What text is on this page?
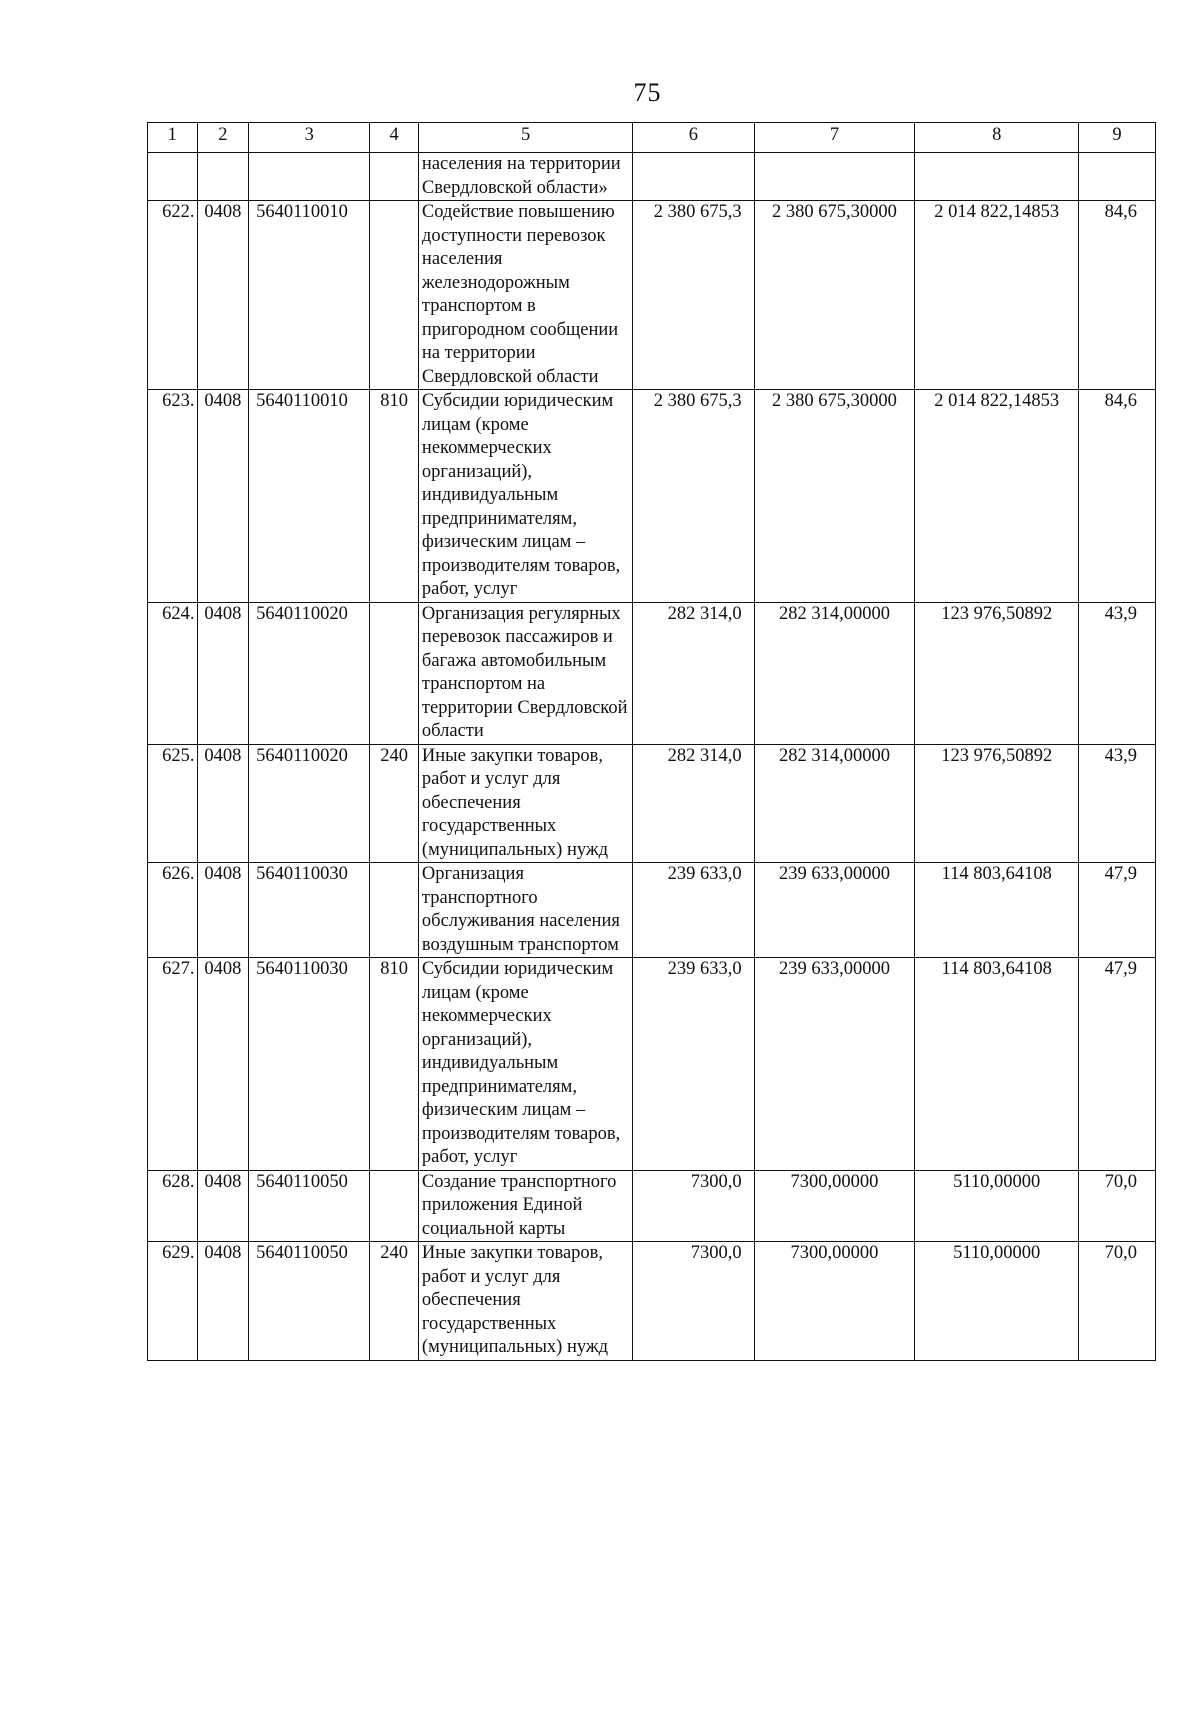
75
1	2	3	4	5	6	7	8	9
				населения на территории Свердловской области»				
622.	0408	5640110010		Содействие повышению доступности перевозок населения железнодорожным транспортом в пригородном сообщении на территории Свердловской области	2 380 675,3	2 380 675,30000	2 014 822,14853	84,6
623.	0408	5640110010	810	Субсидии юридическим лицам (кроме некоммерческих организаций), индивидуальным предпринимателям, физическим лицам – производителям товаров, работ, услуг	2 380 675,3	2 380 675,30000	2 014 822,14853	84,6
624.	0408	5640110020		Организация регулярных перевозок пассажиров и багажа автомобильным транспортом на территории Свердловской области	282 314,0	282 314,00000	123 976,50892	43,9
625.	0408	5640110020	240	Иные закупки товаров, работ и услуг для обеспечения государственных (муниципальных) нужд	282 314,0	282 314,00000	123 976,50892	43,9
626.	0408	5640110030		Организация транспортного обслуживания населения воздушным транспортом	239 633,0	239 633,00000	114 803,64108	47,9
627.	0408	5640110030	810	Субсидии юридическим лицам (кроме некоммерческих организаций), индивидуальным предпринимателям, физическим лицам – производителям товаров, работ, услуг	239 633,0	239 633,00000	114 803,64108	47,9
628.	0408	5640110050		Создание транспортного приложения Единой социальной карты	7300,0	7300,00000	5110,00000	70,0
629.	0408	5640110050	240	Иные закупки товаров, работ и услуг для обеспечения государственных (муниципальных) нужд	7300,0	7300,00000	5110,00000	70,0
